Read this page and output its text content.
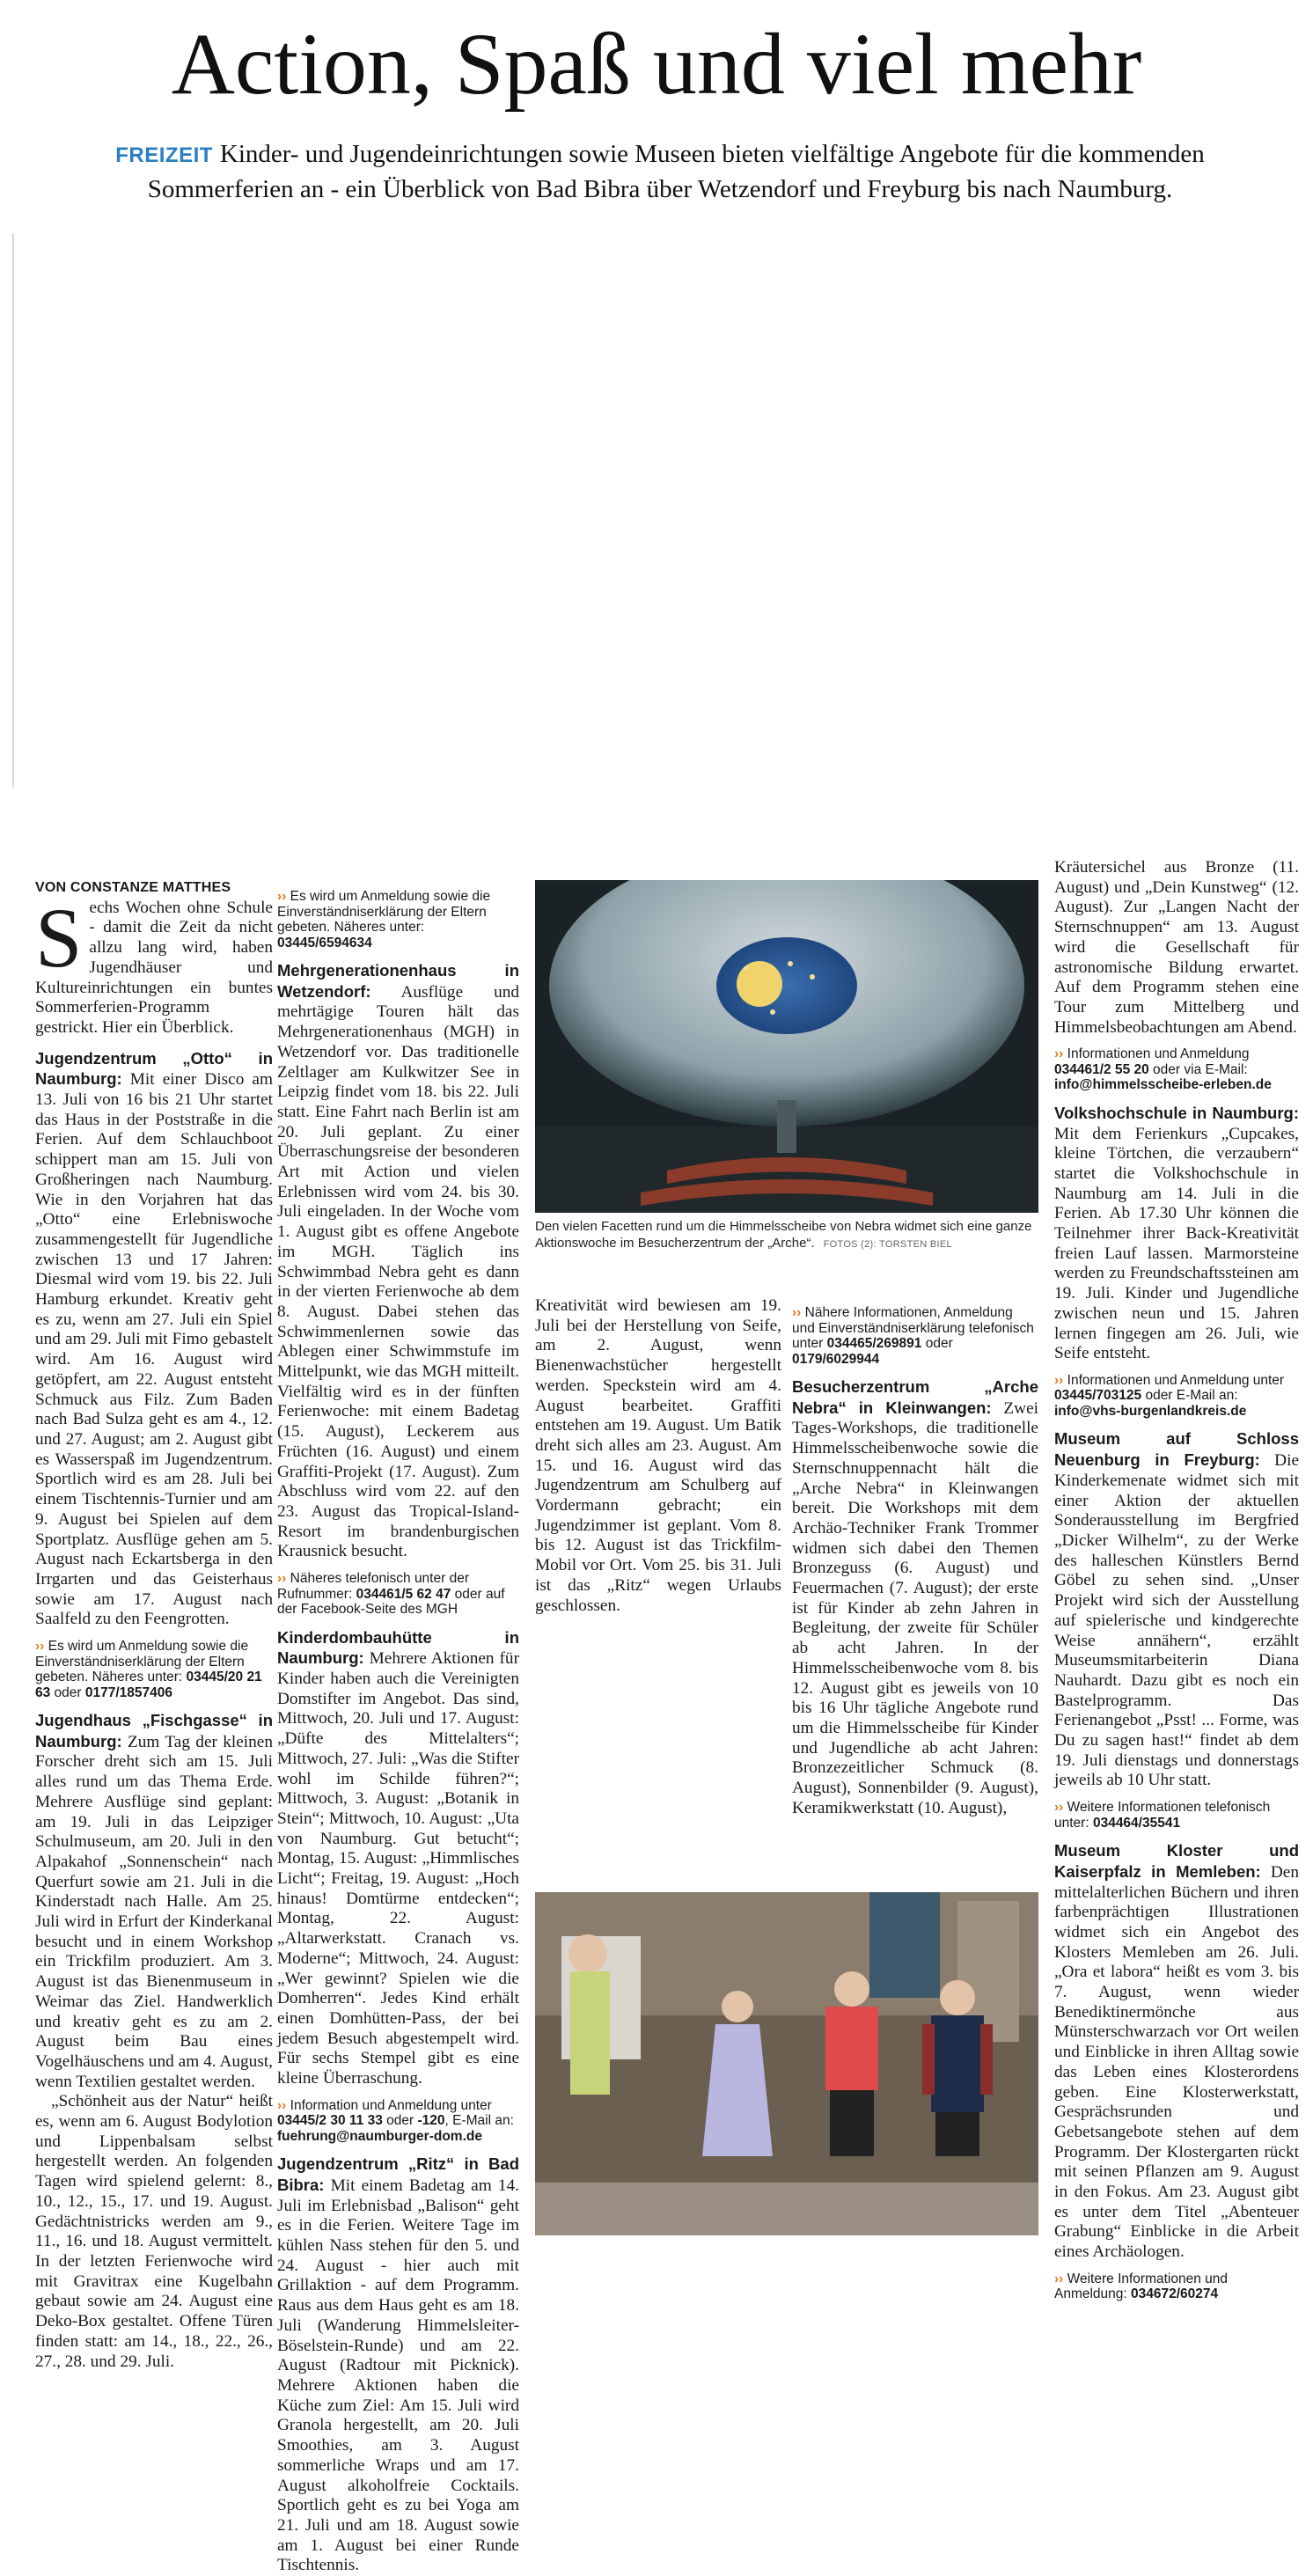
Action, Spaß und viel mehr
FREIZEIT Kinder- und Jugendeinrichtungen sowie Museen bieten vielfältige Angebote für die kommenden Sommerferien an - ein Überblick von Bad Bibra über Wetzendorf und Freyburg bis nach Naumburg.

VON CONSTANZE MATTHES

Sechs Wochen ohne Schule - damit die Zeit da nicht allzu lang wird, haben Jugendhäuser und Kultureinrichtungen ein buntes Sommerferien-Programm gestrickt. Hier ein Überblick.

Jugendzentrum „Otto“ in Naumburg: Mit einer Disco am 13. Juli von 16 bis 21 Uhr startet das Haus in der Poststraße in die Ferien. Auf dem Schlauchboot schippert man am 15. Juli von Großheringen nach Naumburg. Wie in den Vorjahren hat das „Otto“ eine Erlebniswoche zusammengestellt für Jugendliche zwischen 13 und 17 Jahren: Diesmal wird vom 19. bis 22. Juli Hamburg erkundet. Kreativ geht es zu, wenn am 27. Juli ein Spiel und am 29. Juli mit Fimo gebastelt wird. Am 16. August wird getöpfert, am 22. August entsteht Schmuck aus Filz. Zum Baden nach Bad Sulza geht es am 4., 12. und 27. August; am 2. August gibt es Wasserspaß im Jugendzentrum. Sportlich wird es am 28. Juli bei einem Tischtennis-Turnier und am 9. August bei Spielen auf dem Sportplatz. Ausflüge gehen am 5. August nach Eckartsberga in den Irrgarten und das Geisterhaus sowie am 17. August nach Saalfeld zu den Feengrotten.

›› Es wird um Anmeldung sowie die Einverständniserklärung der Eltern gebeten. Näheres unter: 03445/20 21 63 oder 0177/1857406

Jugendhaus „Fischgasse“ in Naumburg: Zum Tag der kleinen Forscher dreht sich am 15. Juli alles rund um das Thema Erde. Mehrere Ausflüge sind geplant: am 19. Juli in das Leipziger Schulmuseum, am 20. Juli in den Alpakahof „Sonnenschein“ nach Querfurt sowie am 21. Juli in die Kinderstadt nach Halle. Am 25. Juli wird in Erfurt der Kinderkanal besucht und in einem Workshop ein Trickfilm produziert. Am 3. August ist das Bienenmuseum in Weimar das Ziel. Handwerklich und kreativ geht es zu am 2. August beim Bau eines Vogelhäuschens und am 4. August, wenn Textilien gestaltet werden.

„Schönheit aus der Natur“ heißt es, wenn am 6. August Bodylotion und Lippenbalsam selbst hergestellt werden. An folgenden Tagen wird spielend gelernt: 8., 10., 12., 15., 17. und 19. August. Gedächtnistricks werden am 9., 11., 16. und 18. August vermittelt. In der letzten Ferienwoche wird mit Gravitrax eine Kugelbahn gebaut sowie am 24. August eine Deko-Box gestaltet. Offene Türen finden statt: am 14., 18., 22., 26., 27., 28. und 29. Juli.

›› Es wird um Anmeldung sowie die Einverständniserklärung der Eltern gebeten. Näheres unter: 03445/6594634

Mehrgenerationenhaus in Wetzendorf: Ausflüge und mehrtägige Touren hält das Mehrgenerationenhaus (MGH) in Wetzendorf vor. Das traditionelle Zeltlager am Kulkwitzer See in Leipzig findet vom 18. bis 22. Juli statt. Eine Fahrt nach Berlin ist am 20. Juli geplant. Zu einer Überraschungsreise der besonderen Art mit Action und vielen Erlebnissen wird vom 24. bis 30. Juli eingeladen. In der Woche vom 1. August gibt es offene Angebote im MGH. Täglich ins Schwimmbad Nebra geht es dann in der vierten Ferienwoche ab dem 8. August. Dabei stehen das Schwimmenlernen sowie das Ablegen einer Schwimmstufe im Mittelpunkt, wie das MGH mitteilt. Vielfältig wird es in der fünften Ferienwoche: mit einem Badetag (15. August), Leckerem aus Früchten (16. August) und einem Graffiti-Projekt (17. August). Zum Abschluss wird vom 22. auf den 23. August das Tropical-Island-Resort im brandenburgischen Krausnick besucht.

›› Näheres telefonisch unter der Rufnummer: 034461/5 62 47 oder auf der Facebook-Seite des MGH

Kinderdombauhütte in Naumburg: Mehrere Aktionen für Kinder haben auch die Vereinigten Domstifter im Angebot. Das sind, Mittwoch, 20. Juli und 17. August: „Düfte des Mittelalters“; Mittwoch, 27. Juli: „Was die Stifter wohl im Schilde führen?“; Mittwoch, 3. August: „Botanik in Stein“; Mittwoch, 10. August: „Uta von Naumburg. Gut betucht“; Montag, 15. August: „Himmlisches Licht“; Freitag, 19. August: „Hoch hinaus! Domtürme entdecken“; Montag, 22. August: „Altarwerkstatt. Cranach vs. Moderne“; Mittwoch, 24. August: „Wer gewinnt? Spielen wie die Domherren“. Jedes Kind erhält einen Domhütten-Pass, der bei jedem Besuch abgestempelt wird. Für sechs Stempel gibt es eine kleine Überraschung.

›› Information und Anmeldung unter 03445/2 30 11 33 oder -120, E-Mail an: fuehrung@naumburger-dom.de

Jugendzentrum „Ritz“ in Bad Bibra: Mit einem Badetag am 14. Juli im Erlebnisbad „Balison“ geht es in die Ferien. Weitere Tage im kühlen Nass stehen für den 5. und 24. August - hier auch mit Grillaktion - auf dem Programm. Raus aus dem Haus geht es am 18. Juli (Wanderung Himmelsleiter-Böselstein-Runde) und am 22. August (Radtour mit Picknick). Mehrere Aktionen haben die Küche zum Ziel: Am 15. Juli wird Granola hergestellt, am 20. Juli Smoothies, am 3. August sommerliche Wraps und am 17. August alkoholfreie Cocktails. Sportlich geht es zu bei Yoga am 21. Juli und am 18. August sowie am 1. August bei einer Runde Tischtennis.

Den vielen Facetten rund um die Himmelsscheibe von Nebra widmet sich eine ganze Aktionswoche im Besucherzentrum der „Arche“. FOTOS (2): TORSTEN BIEL

Kreativität wird bewiesen am 19. Juli bei der Herstellung von Seife, am 2. August, wenn Bienenwachstücher hergestellt werden. Speckstein wird am 4. August bearbeitet. Graffiti entstehen am 19. August. Um Batik dreht sich alles am 23. August. Am 15. und 16. August wird das Jugendzentrum am Schulberg auf Vordermann gebracht; ein Jugendzimmer ist geplant. Vom 8. bis 12. August ist das Trickfilm-Mobil vor Ort. Vom 25. bis 31. Juli ist das „Ritz“ wegen Urlaubs geschlossen.

›› Nähere Informationen, Anmeldung und Einverständniserklärung telefonisch unter 034465/269891 oder 0179/6029944

Besucherzentrum „Arche Nebra“ in Kleinwangen: Zwei Tages-Workshops, die traditionelle Himmelsscheibenwoche sowie die Sternschnuppennacht hält die „Arche Nebra“ in Kleinwangen bereit. Die Workshops mit dem Archäo-Techniker Frank Trommer widmen sich dabei den Themen Bronzeguss (6. August) und Feuermachen (7. August); der erste ist für Kinder ab zehn Jahren in Begleitung, der zweite für Schüler ab acht Jahren. In der Himmelsscheibenwoche vom 8. bis 12. August gibt es jeweils von 10 bis 16 Uhr tägliche Angebote rund um die Himmelsscheibe für Kinder und Jugendliche ab acht Jahren: Bronzezeitlicher Schmuck (8. August), Sonnenbilder (9. August), Keramikwerkstatt (10. August),

Kräutersichel aus Bronze (11. August) und „Dein Kunstweg“ (12. August). Zur „Langen Nacht der Sternschnuppen“ am 13. August wird die Gesellschaft für astronomische Bildung erwartet. Auf dem Programm stehen eine Tour zum Mittelberg und Himmelsbeobachtungen am Abend.

›› Informationen und Anmeldung 034461/2 55 20 oder via E-Mail: info@himmelsscheibe-erleben.de

Volkshochschule in Naumburg: Mit dem Ferienkurs „Cupcakes, kleine Törtchen, die verzaubern“ startet die Volkshochschule in Naumburg am 14. Juli in die Ferien. Ab 17.30 Uhr können die Teilnehmer ihrer Back-Kreativität freien Lauf lassen. Marmorsteine werden zu Freundschaftssteinen am 19. Juli. Kinder und Jugendliche zwischen neun und 15. Jahren lernen fingegen am 26. Juli, wie Seife entsteht.

›› Informationen und Anmeldung unter 03445/703125 oder E-Mail an: info@vhs-burgenlandkreis.de

Museum auf Schloss Neuenburg in Freyburg: Die Kinderkemenate widmet sich mit einer Aktion der aktuellen Sonderausstellung im Bergfried „Dicker Wilhelm“, zu der Werke des halleschen Künstlers Bernd Göbel zu sehen sind. „Unser Projekt wird sich der Ausstellung auf spielerische und kindgerechte Weise annähern“, erzählt Museumsmitarbeiterin Diana Nauhardt. Dazu gibt es noch ein Bastelprogramm. Das Ferienangebot „Psst! ... Forme, was Du zu sagen hast!“ findet ab dem 19. Juli dienstags und donnerstags jeweils ab 10 Uhr statt.

›› Weitere Informationen telefonisch unter: 034464/35541

Museum Kloster und Kaiserpfalz in Memleben: Den mittelalterlichen Büchern und ihren farbenprächtigen Illustrationen widmet sich ein Angebot des Klosters Memleben am 26. Juli. „Ora et labora“ heißt es vom 3. bis 7. August, wenn wieder Benediktinermönche aus Münsterschwarzach vor Ort weilen und Einblicke in ihren Alltag sowie das Leben eines Klosterordens geben. Eine Klosterwerkstatt, Gesprächsrunden und Gebetsangebote stehen auf dem Programm. Der Klostergarten rückt mit seinen Pflanzen am 9. August in den Fokus. Am 23. August gibt es unter dem Titel „Abenteuer Grabung“ Einblicke in die Arbeit eines Archäologen.

›› Weitere Informationen und Anmeldung: 034672/60274
